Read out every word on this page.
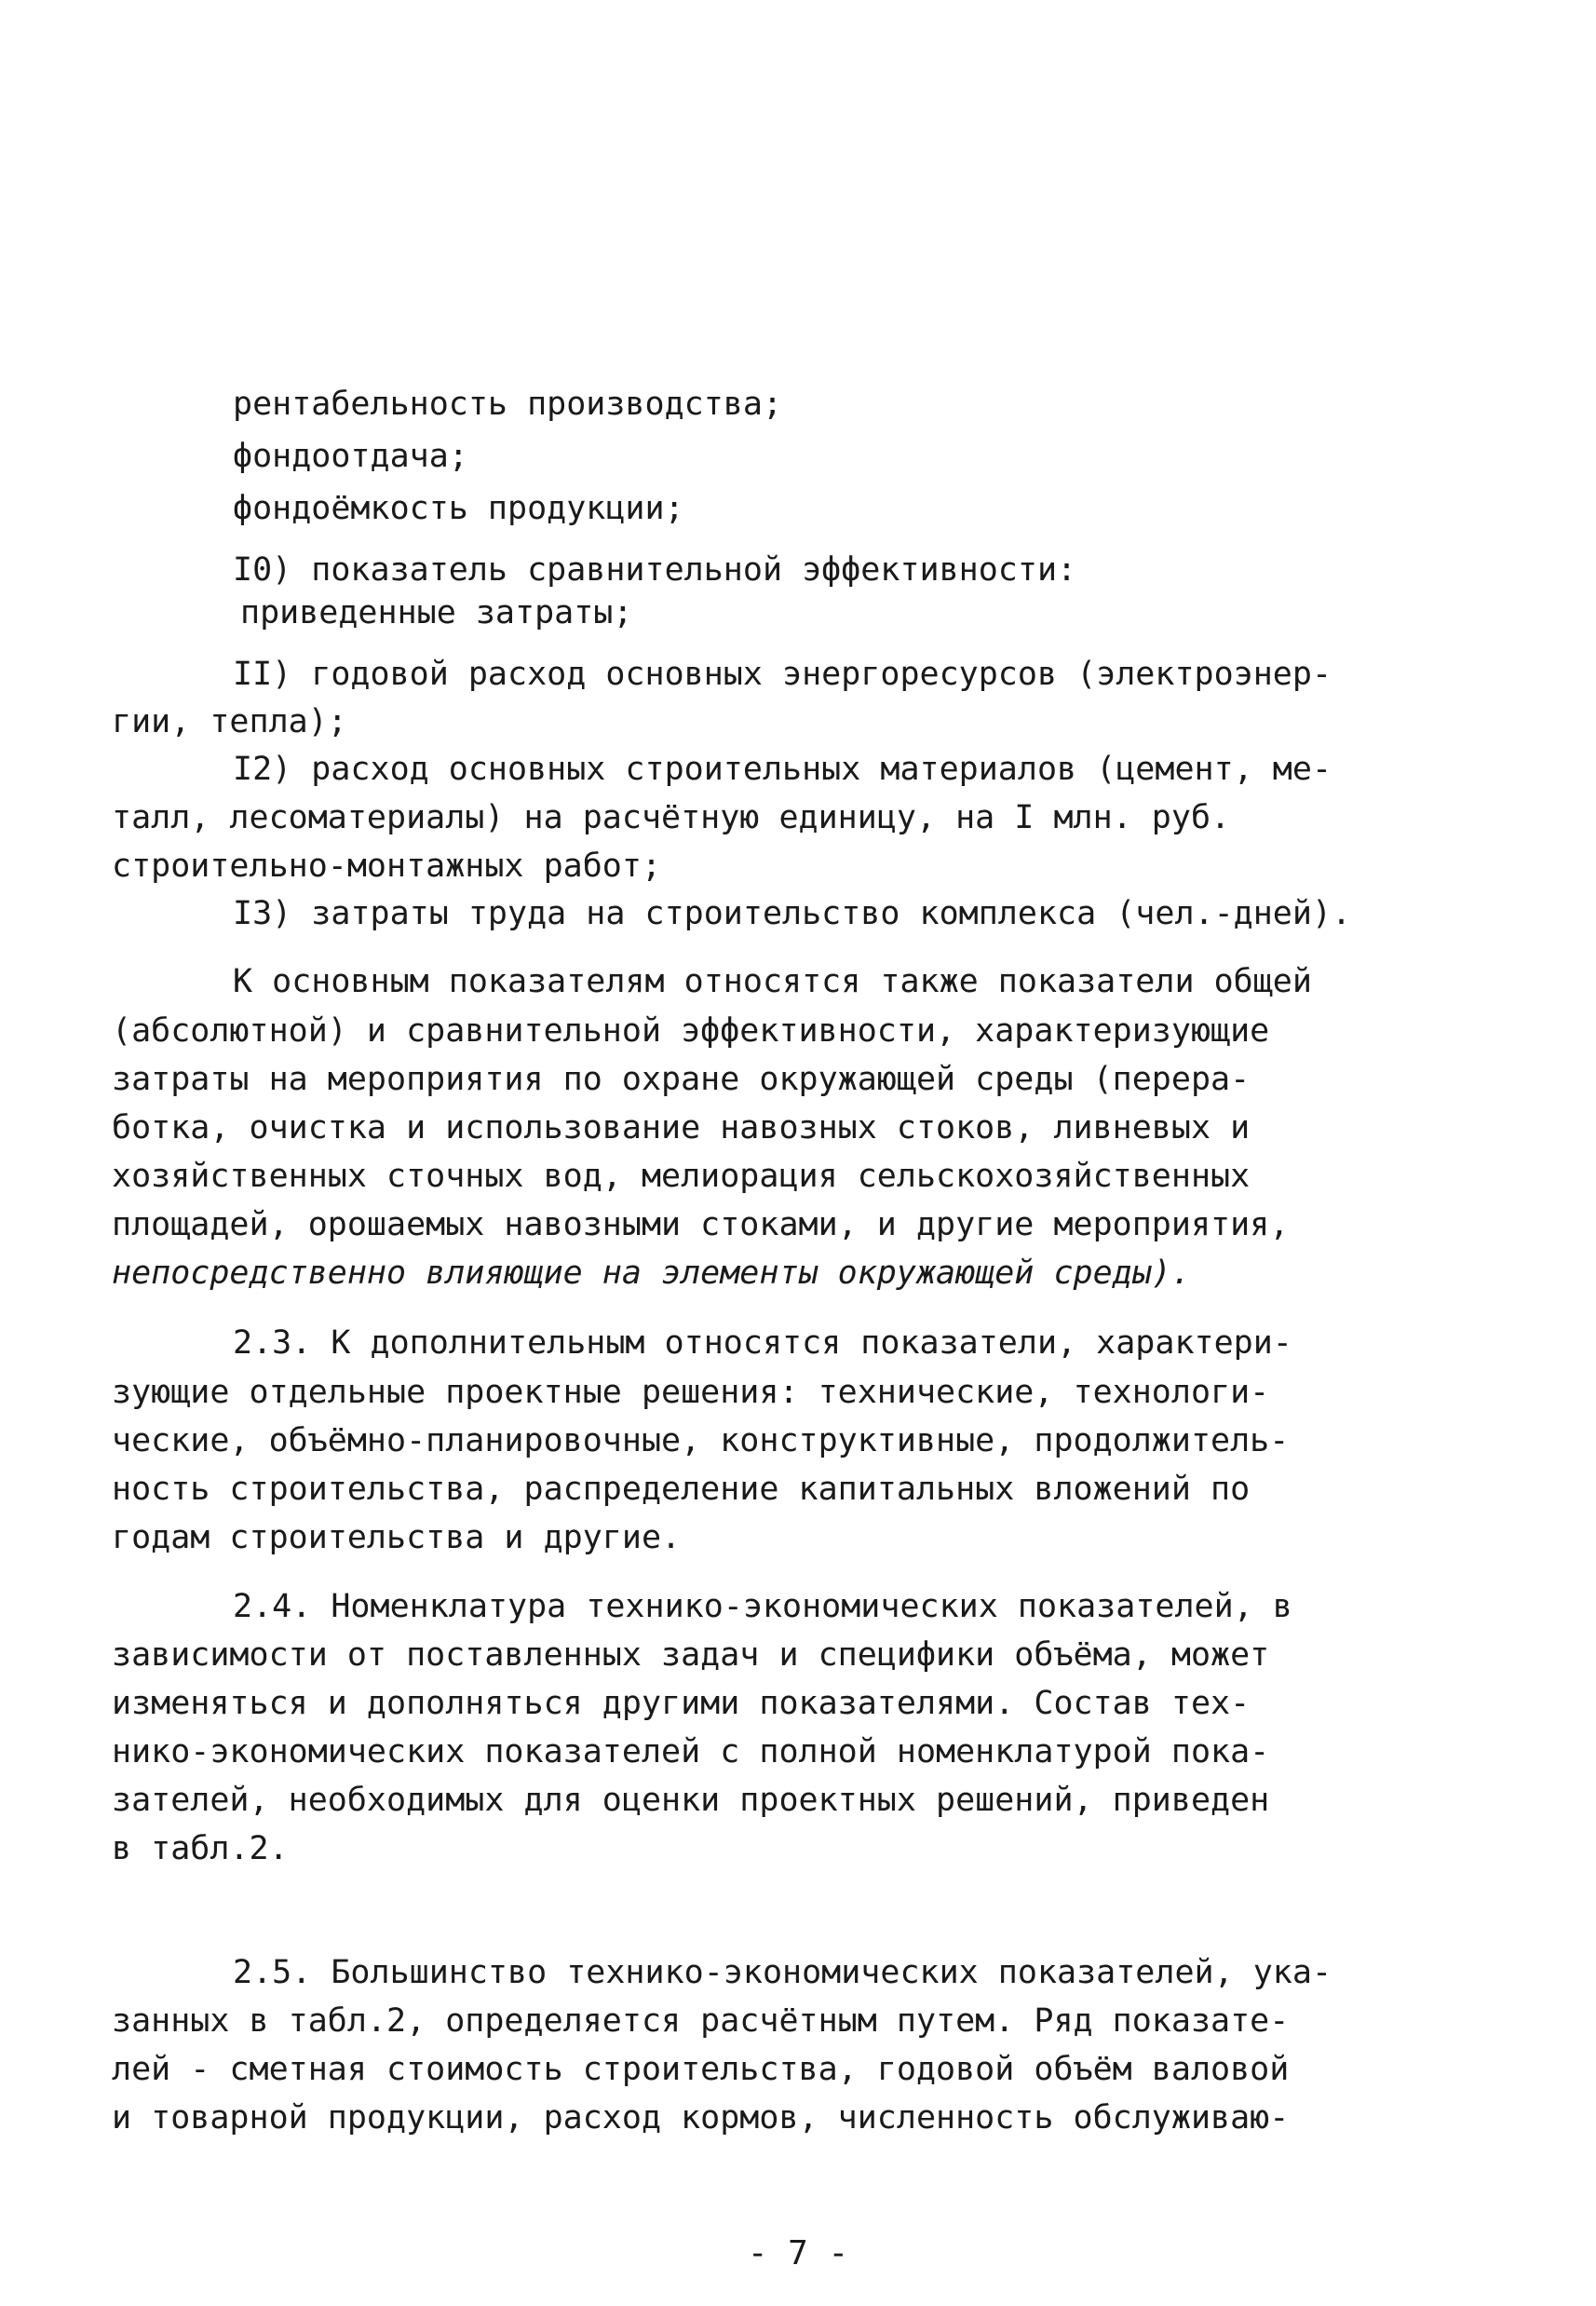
рентабельность производства;
фондоотдача;
фондоёмкость продукции;
I0) показатель сравнительной эффективности:
приведенные затраты;
II) годовой расход основных энергоресурсов (электроэнер-
гии, тепла);
I2) расход основных строительных материалов (цемент, ме-
талл, лесоматериалы) на расчётную единицу, на I млн. руб.
строительно-монтажных работ;
I3) затраты труда на строительство комплекса (чел.-дней).
К основным показателям относятся также показатели общей
(абсолютной) и сравнительной эффективности, характеризующие
затраты на мероприятия по охране окружающей среды (перера-
ботка, очистка и использование навозных стоков, ливневых и
хозяйственных сточных вод, мелиорация сельскохозяйственных
площадей, орошаемых навозными стоками, и другие мероприятия,
непосредственно влияющие на элементы окружающей среды).
2.3. К дополнительным относятся показатели, характери-
зующие отдельные проектные решения: технические, технологи-
ческие, объёмно-планировочные, конструктивные, продолжитель-
ность строительства, распределение капитальных вложений по
годам строительства и другие.
2.4. Номенклатура технико-экономических показателей, в
зависимости от поставленных задач и специфики объёма, может
изменяться и дополняться другими показателями. Состав тех-
нико-экономических показателей с полной номенклатурой пока-
зателей, необходимых для оценки проектных решений, приведен
в табл.2.
2.5. Большинство технико-экономических показателей, ука-
занных в табл.2, определяется расчётным путем. Ряд показате-
лей - сметная стоимость строительства, годовой объём валовой
и товарной продукции, расход кормов, численность обслуживаю-
- 7 -
